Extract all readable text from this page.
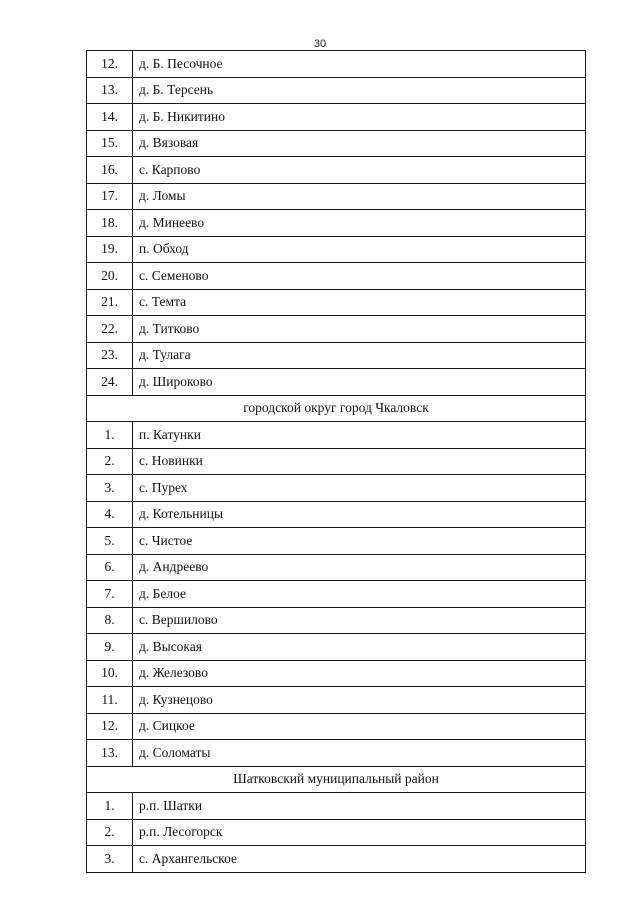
30
12.	д. Б. Песочное
13.	д. Б. Терсень
14.	д. Б. Никитино
15.	д. Вязовая
16.	с. Карпово
17.	д. Ломы
18.	д. Минеево
19.	п. Обход
20.	с. Семеново
21.	с. Темта
22.	д. Титково
23.	д. Тулага
24.	д. Широково
городской округ город Чкаловск	
1.	п. Катунки
2.	с. Новинки
3.	с. Пурех
4.	д. Котельницы
5.	с. Чистое
6.	д. Андреево
7.	д. Белое
8.	с. Вершилово
9.	д. Высокая
10.	д. Железово
11.	д. Кузнецово
12.	д. Сицкое
13.	д. Соломаты
Шатковский муниципальный район	
1.	р.п. Шатки
2.	р.п. Лесогорск
3.	с. Архангельское
